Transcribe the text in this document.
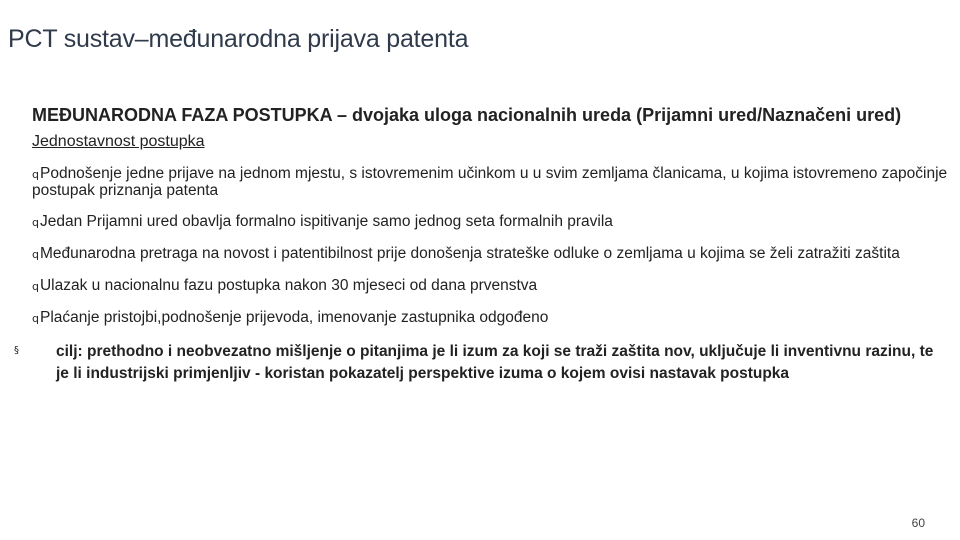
PCT sustav–međunarodna prijava patenta
MEĐUNARODNA FAZA POSTUPKA – dvojaka uloga nacionalnih ureda (Prijamni ured/Naznačeni ured)
Jednostavnost postupka
qPodnošenje jedne prijave na jednom mjestu, s istovremenim učinkom u u svim zemljama članicama, u kojima istovremeno započinje postupak priznanja patenta
qJedan Prijamni ured obavlja formalno ispitivanje samo jednog seta formalnih pravila
qMeđunarodna pretraga na novost i patentibilnost prije donošenja strateške odluke o zemljama u kojima se želi zatražiti zaštita
qUlazak u nacionalnu fazu postupka nakon 30 mjeseci od dana prvenstva
qPlaćanje pristojbi,podnošenje prijevoda, imenovanje zastupnika odgođeno
§ cilj: prethodno i neobvezatno mišljenje o pitanjima je li izum za koji se traži zaštita nov, uključuje li inventivnu razinu, te je li industrijski primjenljiv - koristan pokazatelj perspektive izuma o kojem ovisi nastavak postupka
60
